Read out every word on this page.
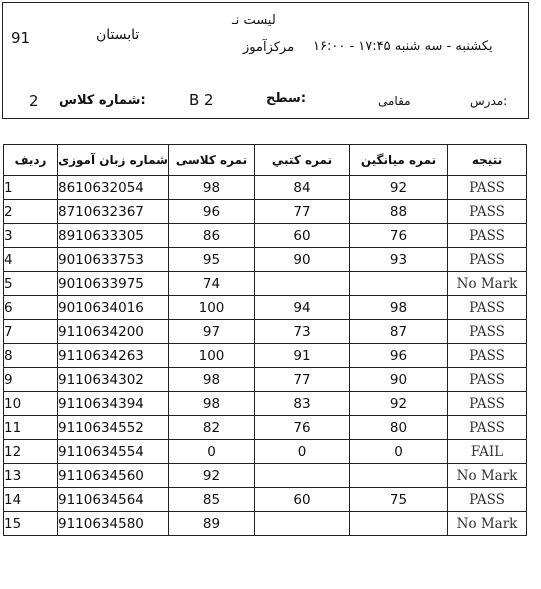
لیست نـ
مرکزآموز
تابستان
91	یکشنبه - سه شنبه ۱۷:۴۵ - ۱۶:۰۰
شماره کلاس:
2	سطح:
B 2	مدرس:
مقامی
ردیف	شماره زبان آموزی	نمره کلاسی	نمره کتبي	نمره میانگین	نتیجه
1	8610632054	98	84	92	PASS
2	8710632367	96	77	88	PASS
3	8910633305	86	60	76	PASS
4	9010633753	95	90	93	PASS
5	9010633975	74			No Mark
6	9010634016	100	94	98	PASS
7	9110634200	97	73	87	PASS
8	9110634263	100	91	96	PASS
9	9110634302	98	77	90	PASS
10	9110634394	98	83	92	PASS
11	9110634552	82	76	80	PASS
12	9110634554	0	0	0	FAIL
13	9110634560	92			No Mark
14	9110634564	85	60	75	PASS
15	9110634580	89			No Mark
